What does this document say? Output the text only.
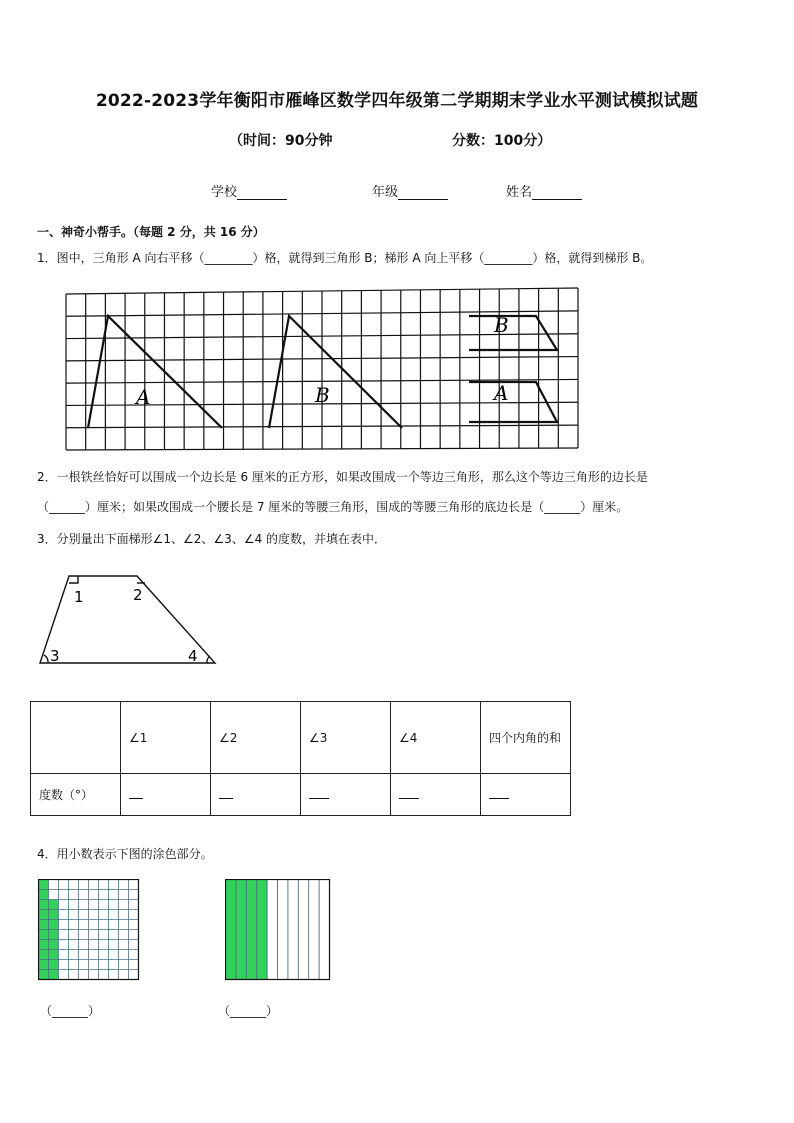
2022-2023学年衡阳市雁峰区数学四年级第二学期期末学业水平测试模拟试题
（时间：90分钟	分数：100分）
学校	年级	姓名
一、神奇小帮手。（每题 2 分，共 16 分）
1．图中，三角形 A 向右平移（________）格，就得到三角形 B；梯形 A 向上平移（________）格，就得到梯形 B。
A	B
B
A
2．一根铁丝恰好可以围成一个边长是 6 厘米的正方形，如果改围成一个等边三角形，那么这个等边三角形的边长是
（______）厘米；如果改围成一个腰长是 7 厘米的等腰三角形，围成的等腰三角形的底边长是（______）厘米。
3．分别量出下面梯形∠1、∠2、∠3、∠4 的度数，并填在表中．
1	2
3	4
	∠1	∠2	∠3	∠4	四个内角的和
度数（°）					
4．用小数表示下图的涂色部分。
（______）	（______）
